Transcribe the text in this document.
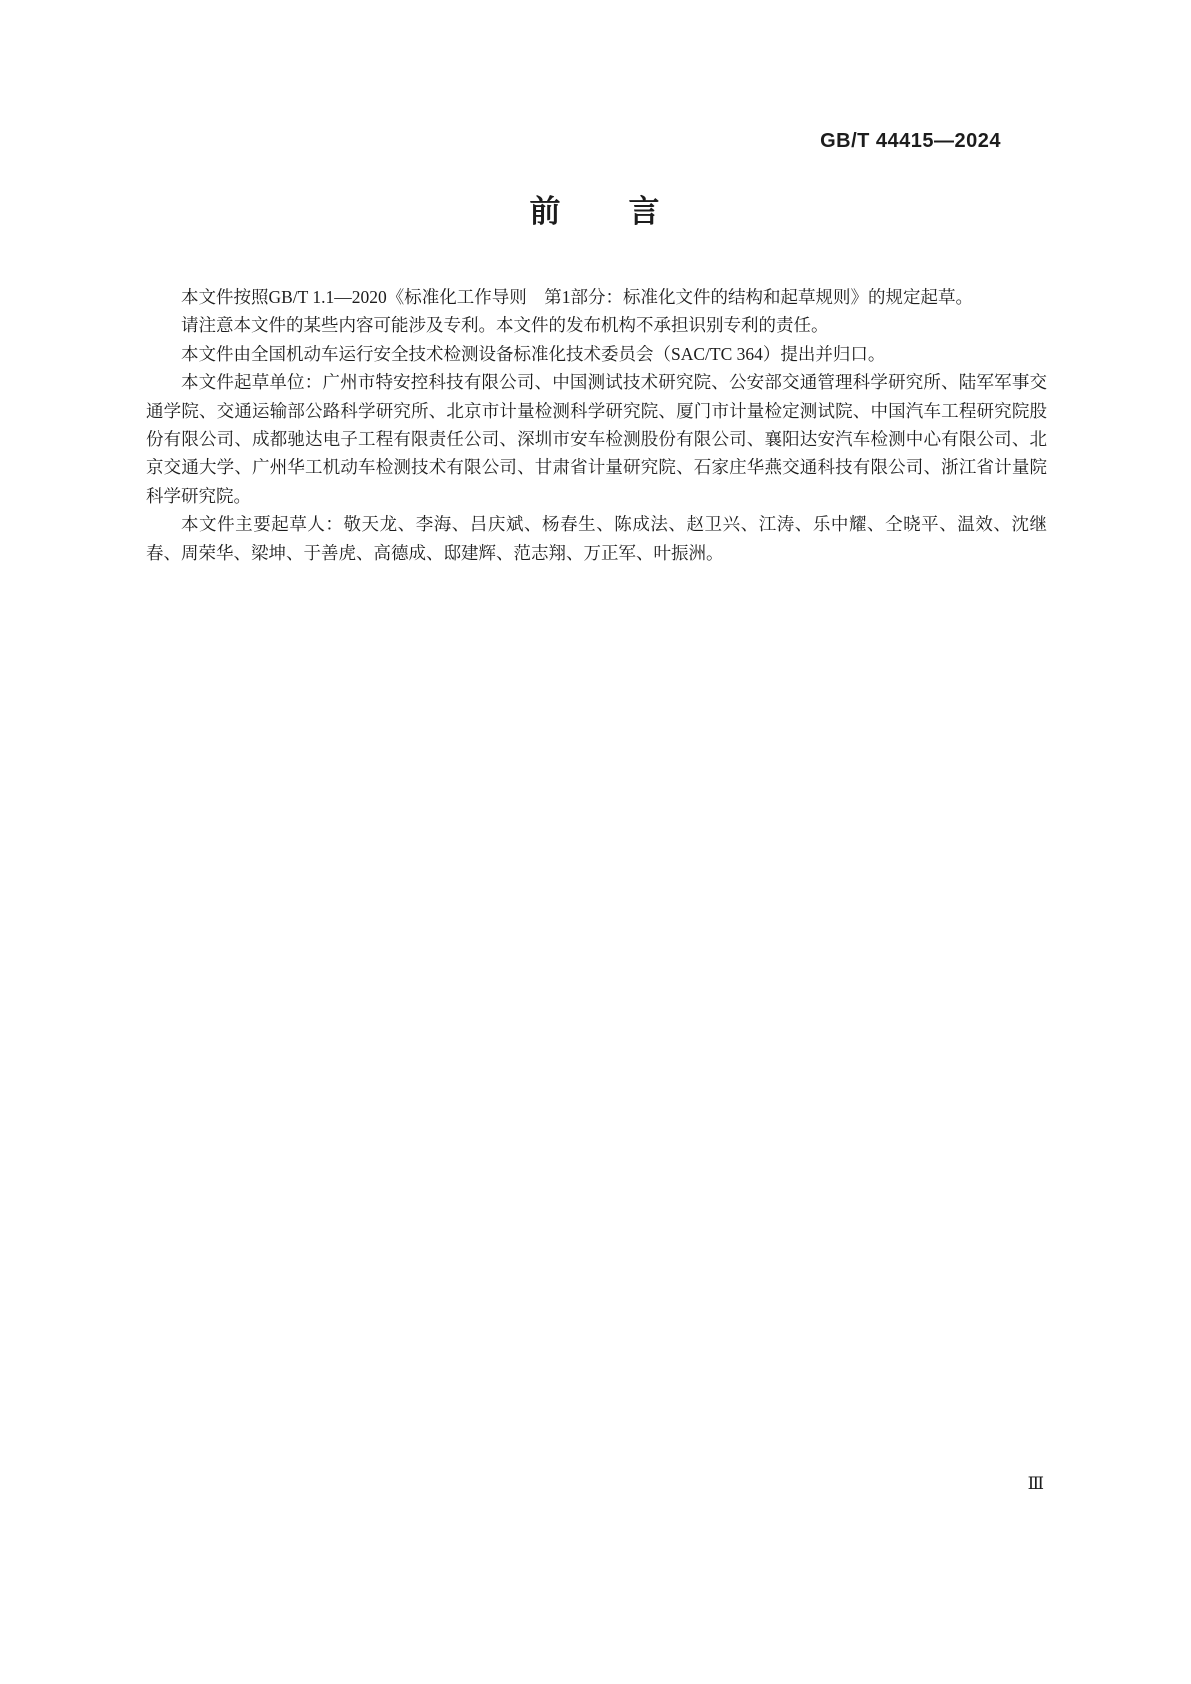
GB/T 44415—2024
前　　言

本文件按照GB/T 1.1—2020《标准化工作导则　第1部分：标准化文件的结构和起草规则》的规定起草。

请注意本文件的某些内容可能涉及专利。本文件的发布机构不承担识别专利的责任。

本文件由全国机动车运行安全技术检测设备标准化技术委员会（SAC/TC 364）提出并归口。

本文件起草单位：广州市特安控科技有限公司、中国测试技术研究院、公安部交通管理科学研究所、陆军军事交通学院、交通运输部公路科学研究所、北京市计量检测科学研究院、厦门市计量检定测试院、中国汽车工程研究院股份有限公司、成都驰达电子工程有限责任公司、深圳市安车检测股份有限公司、襄阳达安汽车检测中心有限公司、北京交通大学、广州华工机动车检测技术有限公司、甘肃省计量研究院、石家庄华燕交通科技有限公司、浙江省计量院科学研究院。

本文件主要起草人：敬天龙、李海、吕庆斌、杨春生、陈成法、赵卫兴、江涛、乐中耀、仝晓平、温效、沈继春、周荣华、梁坤、于善虎、高德成、邸建辉、范志翔、万正军、叶振洲。

Ⅲ
